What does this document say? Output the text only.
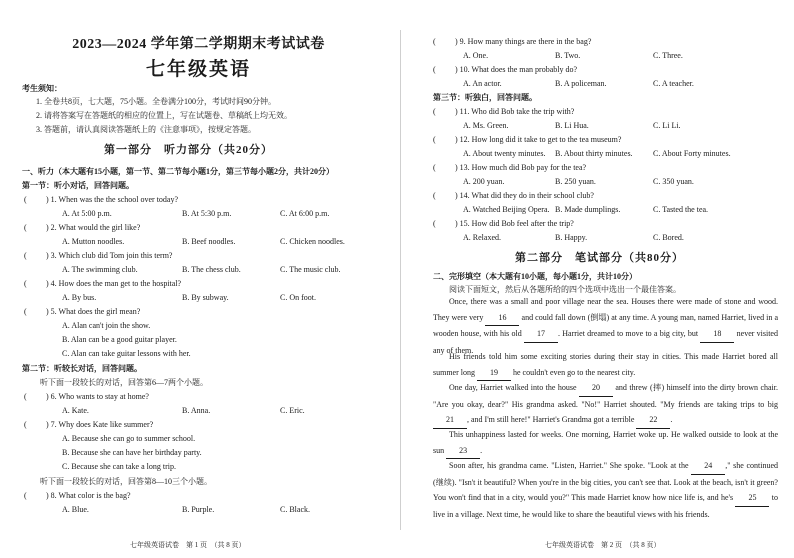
2023—2024 学年第二学期期末考试试卷
七年级英语
考生须知：
1. 全卷共8页，七大题，75小题。全卷满分100分，考试时间90分钟。
2. 请将答案写在答题纸的相应的位置上，写在试题卷、草稿纸上均无效。
3. 答题前，请认真阅读答题纸上的《注意事项》，按规定答题。
第一部分　听力部分（共20分）
一、听力（本大题有15小题，第一节、第二节每小题1分，第三节每小题2分，共计20分）
第一节：听小对话，回答问题。
( ) 1. When was the the school over today?
A. At 5:00 p.m.	B. At 5:30 p.m.	C. At 6:00 p.m.
( ) 2. What would the girl like?
A. Mutton noodles.	B. Beef noodles.	C. Chicken noodles.
( ) 3. Which club did Tom join this term?
A. The swimming club.	B. The chess club.	C. The music club.
( ) 4. How does the man get to the hospital?
A. By bus.	B. By subway.	C. On foot.
( ) 5. What does the girl mean?
A. Alan can't join the show.
B. Alan can be a good guitar player.
C. Alan can take guitar lessons with her.
第二节：听较长对话，回答问题。
听下面一段较长的对话，回答第6—7两个小题。
( ) 6. Who wants to stay at home?
A. Kate.	B. Anna.	C. Eric.
( ) 7. Why does Kate like summer?
A. Because she can go to summer school.
B. Because she can have her birthday party.
C. Because she can take a long trip.
听下面一段较长的对话，回答第8—10三个小题。
( ) 8. What color is the bag?
A. Blue.	B. Purple.	C. Black.
七年级英语试卷　第 1 页　（共 8 页）
( ) 9. How many things are there in the bag?
A. One.	B. Two.	C. Three.
( ) 10. What does the man probably do?
A. An actor.	B. A policeman.	C. A teacher.
第三节：听独白，回答问题。
( ) 11. Who did Bob take the trip with?
A. Ms. Green.	B. Li Hua.	C. Li Li.
( ) 12. How long did it take to get to the tea museum?
A. About twenty minutes. B. About thirty minutes.	C. About Forty minutes.
( ) 13. How much did Bob pay for the tea?
A. 200 yuan.	B. 250 yuan.	C. 350 yuan.
( ) 14. What did they do in their school club?
A. Watched Beijing Opera. B. Made dumplings.	C. Tasted the tea.
( ) 15. How did Bob feel after the trip?
A. Relaxed.	B. Happy.	C. Bored.
第二部分　笔试部分（共80分）
二、完形填空（本大题有10小题，每小题1分，共计10分）
阅读下面短文，然后从各题所给的四个选项中选出一个最佳答案。
Once, there was a small and poor village near the sea. Houses there were made of stone and wood. They were very 16 and could fall down (倒塌) at any time. A young man, named Harriet, lived in a wooden house, with his old 17 . Harriet dreamed to move to a big city, but 18 never visited any of them.
His friends told him some exciting stories during their stay in cities. This made Harriet bored all summer long 19 he couldn't even go to the nearest city.
One day, Harriet walked into the house 20 and threw (摔) himself into the dirty brown chair. "Are you okay, dear?" His grandma asked. "No!" Harriet shouted. "My friends are taking trips to big 21 , and I'm still here!" Harriet's Grandma got a terrible 22 .
This unhappiness lasted for weeks. One morning, Harriet woke up. He walked outside to look at the sun 23 .
Soon after, his grandma came. "Listen, Harriet." She spoke. "Look at the 24 ," she continued (继续). "Isn't it beautiful? When you're in the big cities, you can't see that. Look at the beach, isn't it green? You won't find that in a city, would you?" This made Harriet know how nice life is, and he's 25 to live in a village. Next time, he would like to share the beautiful views with his friends.
七年级英语试卷　第 2 页　（共 8 页）
